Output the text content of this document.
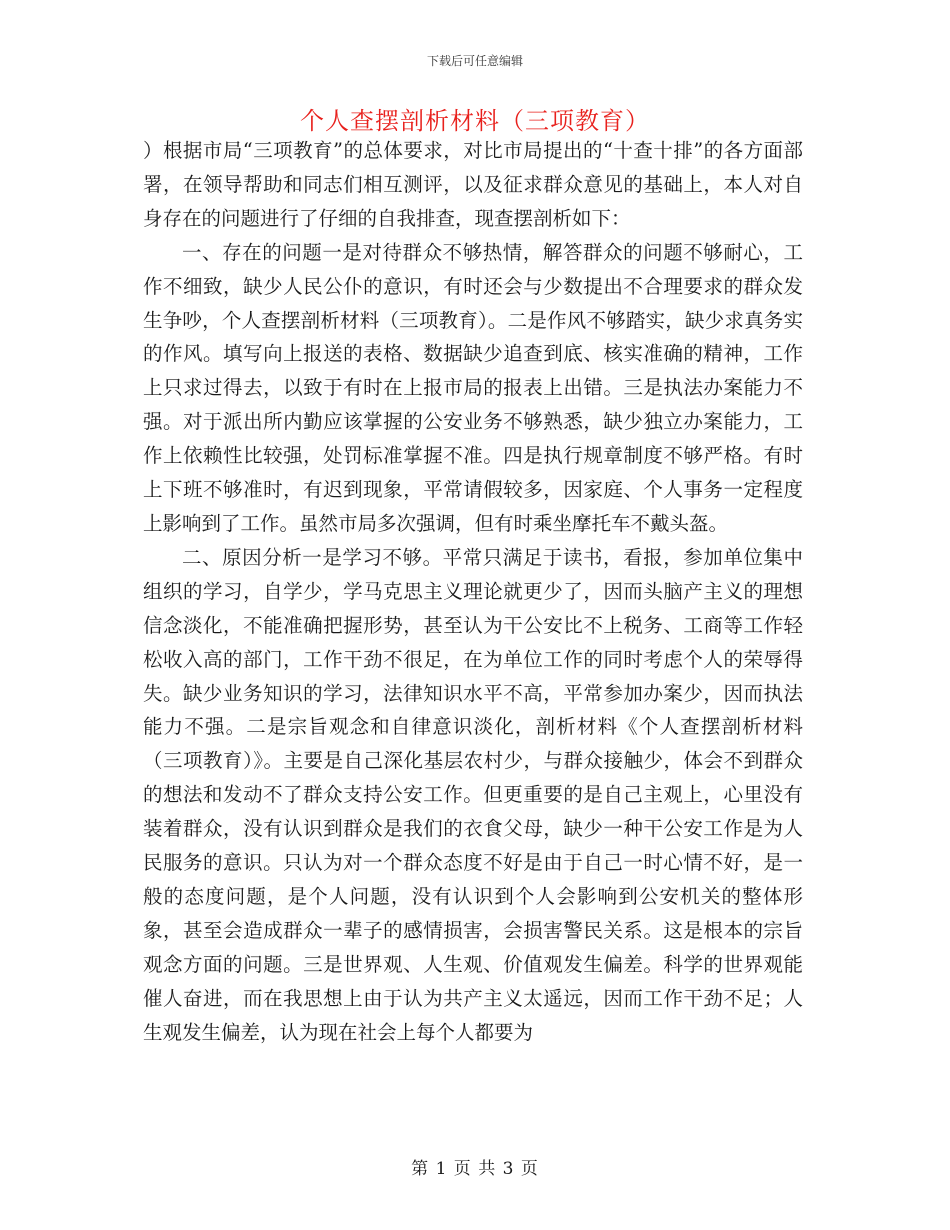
下载后可任意编辑
个人查摆剖析材料（三项教育）

）根据市局“三项教育”的总体要求，对比市局提出的“十查十排”的各方面部署，在领导帮助和同志们相互测评，以及征求群众意见的基础上，本人对自身存在的问题进行了仔细的自我排查，现查摆剖析如下：

一、存在的问题一是对待群众不够热情，解答群众的问题不够耐心，工作不细致，缺少人民公仆的意识，有时还会与少数提出不合理要求的群众发生争吵，个人查摆剖析材料（三项教育）。二是作风不够踏实，缺少求真务实的作风。填写向上报送的表格、数据缺少追查到底、核实准确的精神，工作上只求过得去，以致于有时在上报市局的报表上出错。三是执法办案能力不强。对于派出所内勤应该掌握的公安业务不够熟悉，缺少独立办案能力，工作上依赖性比较强，处罚标准掌握不准。四是执行规章制度不够严格。有时上下班不够准时，有迟到现象，平常请假较多，因家庭、个人事务一定程度上影响到了工作。虽然市局多次强调，但有时乘坐摩托车不戴头盔。

二、原因分析一是学习不够。平常只满足于读书，看报，参加单位集中组织的学习，自学少，学马克思主义理论就更少了，因而头脑产主义的理想信念淡化，不能准确把握形势，甚至认为干公安比不上税务、工商等工作轻松收入高的部门，工作干劲不很足，在为单位工作的同时考虑个人的荣辱得失。缺少业务知识的学习，法律知识水平不高，平常参加办案少，因而执法能力不强。二是宗旨观念和自律意识淡化，剖析材料《个人查摆剖析材料（三项教育）》。主要是自己深化基层农村少，与群众接触少，体会不到群众的想法和发动不了群众支持公安工作。但更重要的是自己主观上，心里没有装着群众，没有认识到群众是我们的衣食父母，缺少一种干公安工作是为人民服务的意识。只认为对一个群众态度不好是由于自己一时心情不好，是一般的态度问题，是个人问题，没有认识到个人会影响到公安机关的整体形象，甚至会造成群众一辈子的感情损害，会损害警民关系。这是根本的宗旨观念方面的问题。三是世界观、人生观、价值观发生偏差。科学的世界观能催人奋进，而在我思想上由于认为共产主义太遥远，因而工作干劲不足；人生观发生偏差，认为现在社会上每个人都要为

第 1 页 共 3 页
